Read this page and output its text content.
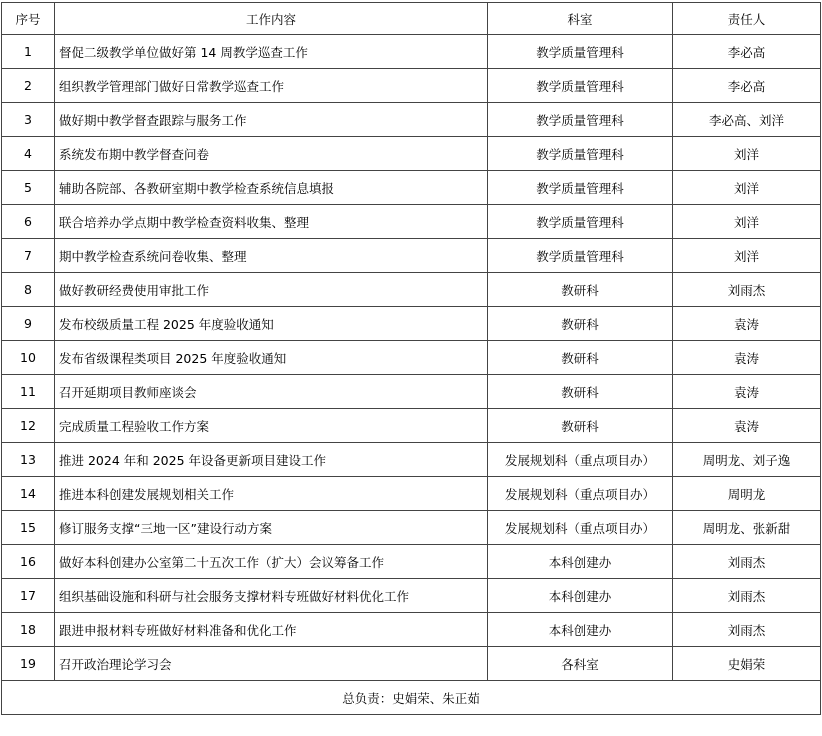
序号	工作内容	科室	责任人
1	督促二级教学单位做好第 14 周教学巡查工作	教学质量管理科	李必高
2	组织教学管理部门做好日常教学巡查工作	教学质量管理科	李必高
3	做好期中教学督查跟踪与服务工作	教学质量管理科	李必高、刘洋
4	系统发布期中教学督查问卷	教学质量管理科	刘洋
5	辅助各院部、各教研室期中教学检查系统信息填报	教学质量管理科	刘洋
6	联合培养办学点期中教学检查资料收集、整理	教学质量管理科	刘洋
7	期中教学检查系统问卷收集、整理	教学质量管理科	刘洋
8	做好教研经费使用审批工作	教研科	刘雨杰
9	发布校级质量工程 2025 年度验收通知	教研科	袁涛
10	发布省级课程类项目 2025 年度验收通知	教研科	袁涛
11	召开延期项目教师座谈会	教研科	袁涛
12	完成质量工程验收工作方案	教研科	袁涛
13	推进 2024 年和 2025 年设备更新项目建设工作	发展规划科（重点项目办）	周明龙、刘子逸
14	推进本科创建发展规划相关工作	发展规划科（重点项目办）	周明龙
15	修订服务支撑“三地一区”建设行动方案	发展规划科（重点项目办）	周明龙、张新甜
16	做好本科创建办公室第二十五次工作（扩大）会议筹备工作	本科创建办	刘雨杰
17	组织基础设施和科研与社会服务支撑材料专班做好材料优化工作	本科创建办	刘雨杰
18	跟进申报材料专班做好材料准备和优化工作	本科创建办	刘雨杰
19	召开政治理论学习会	各科室	史娟荣
总负责：史娟荣、朱正茹			
